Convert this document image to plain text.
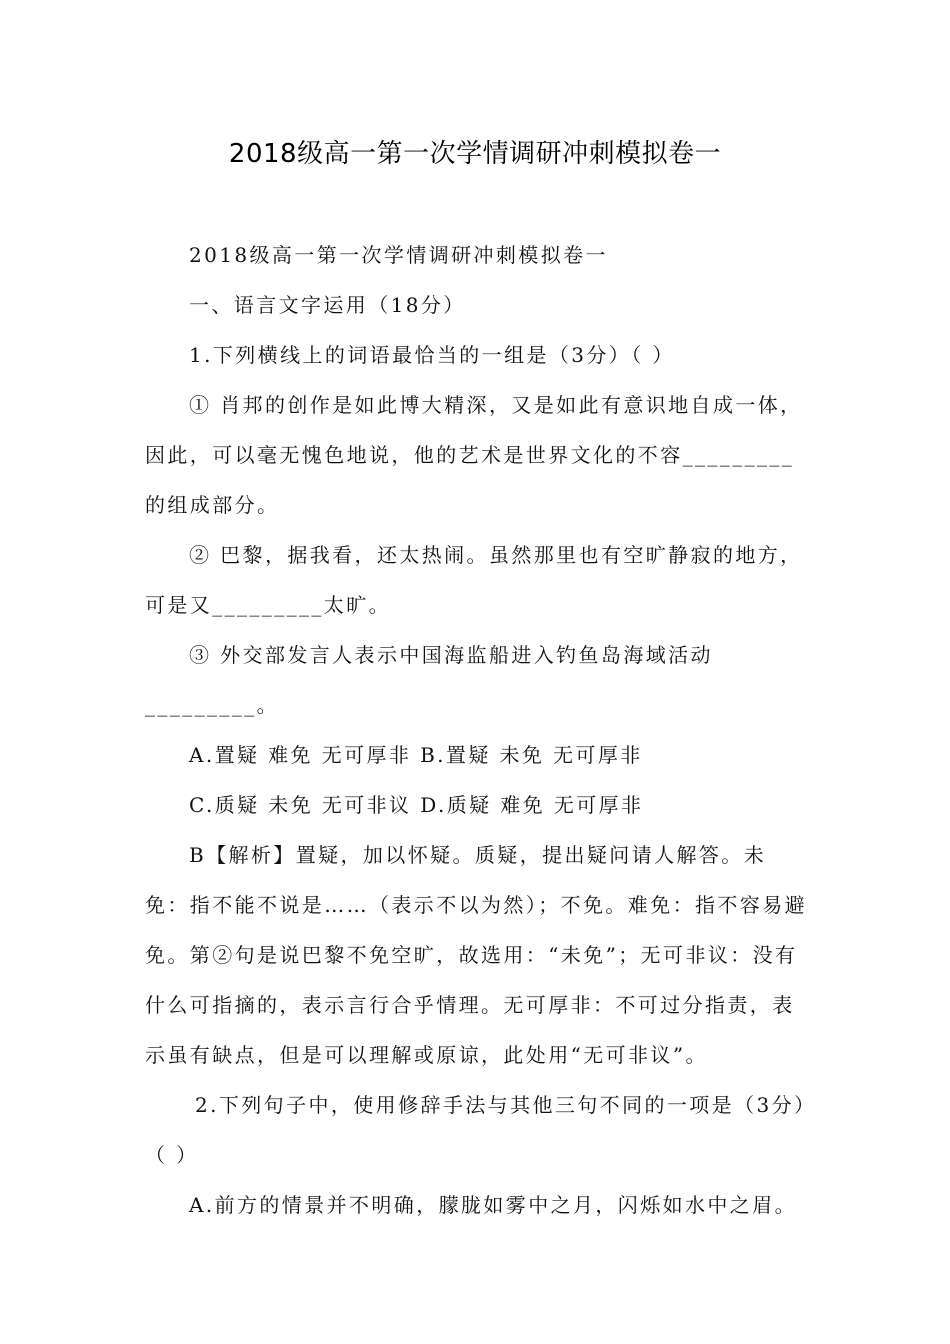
2018级高一第一次学情调研冲刺模拟卷一

2018级高一第一次学情调研冲刺模拟卷一

一、语言文字运用（18分）

1.下列横线上的词语最恰当的一组是（3分）（ ）

① 肖邦的创作是如此博大精深，又是如此有意识地自成一体，因此，可以毫无愧色地说，他的艺术是世界文化的不容_________的组成部分。

② 巴黎，据我看，还太热闹。虽然那里也有空旷静寂的地方，可是又_________太旷。

③ 外交部发言人表示中国海监船进入钓鱼岛海域活动_________。

A.置疑 难免 无可厚非 B.置疑 未免 无可厚非

C.质疑 未免 无可非议 D.质疑 难免 无可厚非

B【解析】置疑，加以怀疑。质疑，提出疑问请人解答。未免：指不能不说是……（表示不以为然）；不免。难免：指不容易避免。第②句是说巴黎不免空旷，故选用：“未免”；无可非议：没有什么可指摘的，表示言行合乎情理。无可厚非：不可过分指责，表示虽有缺点，但是可以理解或原谅，此处用“无可非议”。

2.下列句子中，使用修辞手法与其他三句不同的一项是（3分）（ ）

A.前方的情景并不明确，朦胧如雾中之月，闪烁如水中之眉。
